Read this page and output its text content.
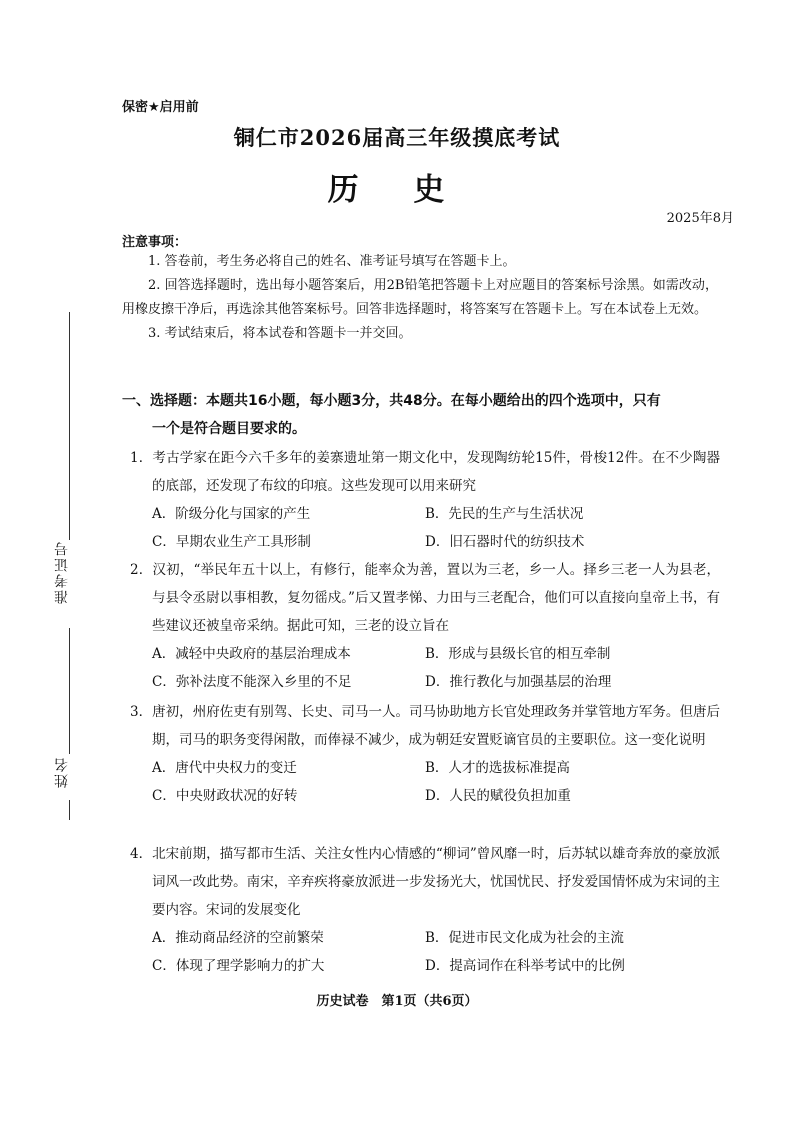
保密★启用前
铜仁市2026届高三年级摸底考试
历 史
2025年8月
注意事项：

1. 答卷前，考生务必将自己的姓名、准考证号填写在答题卡上。

2. 回答选择题时，选出每小题答案后，用2B铅笔把答题卡上对应题目的答案标号涂黑。如需改动，用橡皮擦干净后，再选涂其他答案标号。回答非选择题时，将答案写在答题卡上。写在本试卷上无效。

3. 考试结束后，将本试卷和答题卡一并交回。

准考证号
姓名
一、选择题：本题共16小题，每小题3分，共48分。在每小题给出的四个选项中，只有
一个是符合题目要求的。

1．考古学家在距今六千多年的姜寨遗址第一期文化中，发现陶纺轮15件，骨梭12件。在不少陶器的底部，还发现了布纹的印痕。这些发现可以用来研究

A．阶级分化与国家的产生	B．先民的生产与生活状况
C．早期农业生产工具形制	D．旧石器时代的纺织技术

2．汉初，“举民年五十以上，有修行，能率众为善，置以为三老，乡一人。择乡三老一人为县老，与县令丞尉以事相教，复勿徭戍。”后又置孝悌、力田与三老配合，他们可以直接向皇帝上书，有些建议还被皇帝采纳。据此可知，三老的设立旨在

A．减轻中央政府的基层治理成本	B．形成与县级长官的相互牵制
C．弥补法度不能深入乡里的不足	D．推行教化与加强基层的治理

3．唐初，州府佐吏有别驾、长史、司马一人。司马协助地方长官处理政务并掌管地方军务。但唐后期，司马的职务变得闲散，而俸禄不减少，成为朝廷安置贬谪官员的主要职位。这一变化说明

A．唐代中央权力的变迁	B．人才的选拔标准提高
C．中央财政状况的好转	D．人民的赋役负担加重

4．北宋前期，描写都市生活、关注女性内心情感的“柳词”曾风靡一时，后苏轼以雄奇奔放的豪放派词风一改此势。南宋，辛弃疾将豪放派进一步发扬光大，忧国忧民、抒发爱国情怀成为宋词的主要内容。宋词的发展变化

A．推动商品经济的空前繁荣	B．促进市民文化成为社会的主流
C．体现了理学影响力的扩大	D．提高词作在科举考试中的比例
历史试卷　第1页（共6页）
